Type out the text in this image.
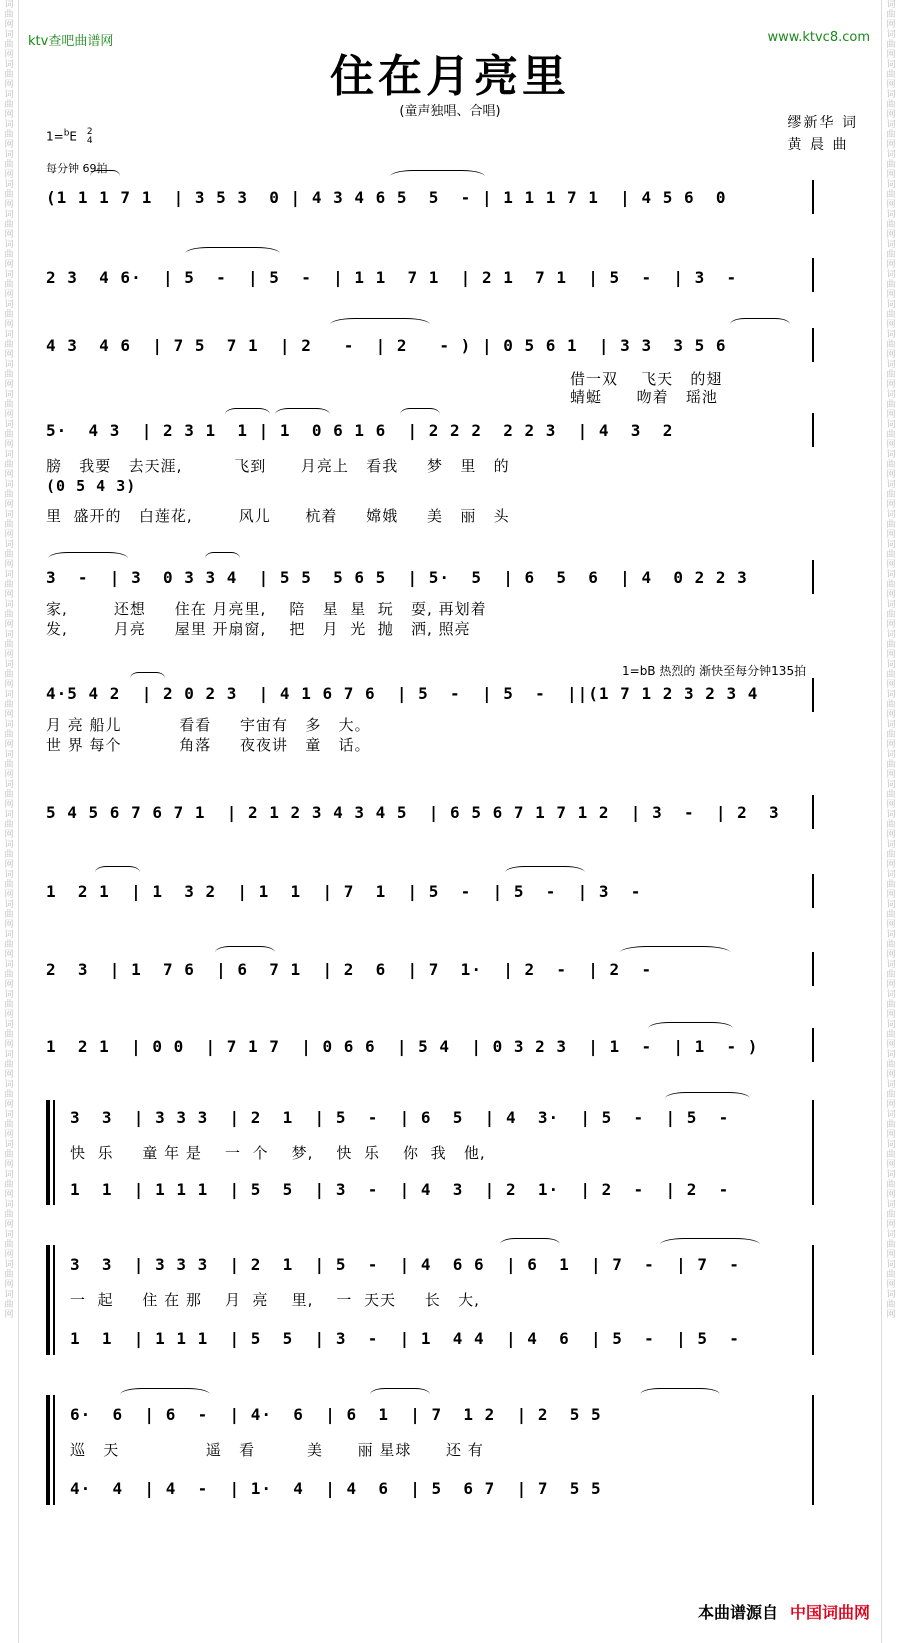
词曲网词曲网词曲网词曲网词曲网词曲网词曲网词曲网词曲网词曲网词曲网词曲网词曲网词曲网词曲网词曲网词曲网词曲网词曲网词曲网词曲网词曲网词曲网词曲网词曲网词曲网词曲网词曲网词曲网词曲网词曲网词曲网词曲网词曲网词曲网词曲网词曲网词曲网词曲网词曲网词曲网词曲网词曲网词曲网
词曲网词曲网词曲网词曲网词曲网词曲网词曲网词曲网词曲网词曲网词曲网词曲网词曲网词曲网词曲网词曲网词曲网词曲网词曲网词曲网词曲网词曲网词曲网词曲网词曲网词曲网词曲网词曲网词曲网词曲网词曲网词曲网词曲网词曲网词曲网词曲网词曲网词曲网词曲网词曲网词曲网词曲网词曲网词曲网
ktv查吧曲谱网	www.ktvc8.com
住在月亮里
(童声独唱、合唱)
缪新华 词
黄 晨 曲
1=$^b$E 2
4
每分钟 69拍
(1 1 1 7 1  | 3 5 3  0 | 4 3 4 6 5  5  - | 1 1 1 7 1  | 4 5 6  0
2 3  4 6·  | 5  -  | 5  -  | 1 1  7 1  | 2 1  7 1  | 5  -  | 3  -
4 3  4 6  | 7 5  7 1  | 2   -  | 2   - ) | 0 5 6 1  | 3 3  3 5 6
借一双    飞天   的翅
蜻蜓      吻着   瑶池
5·  4 3  | 2 3 1  1 | 1  0 6 1 6  | 2 2 2  2 2 3  | 4  3  2
膀   我要   去天涯,         飞到      月亮上   看我     梦   里   的
(0 5 4 3)
里  盛开的   白莲花,        风儿      杭着     嫦娥     美   丽   头
3  -  | 3  0 3 3 4  | 5 5  5 6 5  | 5·  5  | 6  5  6  | 4  0 2 2 3
家,        还想     住在 月亮里,    陪   星  星  玩   耍, 再划着
发,        月亮     屋里 开扇窗,    把   月  光  抛   洒, 照亮
1=bB 热烈的 渐快至每分钟135拍
4·5 4 2  | 2 0 2 3  | 4 1 6 7 6  | 5  -  | 5  -  ||(1 7 1 2 3 2 3 4
月 亮 船儿          看看     宇宙有   多   大。
世 界 每个          角落     夜夜讲   童   话。
5 4 5 6 7 6 7 1  | 2 1 2 3 4 3 4 5  | 6 5 6 7 1 7 1 2  | 3  -  | 2  3
1  2 1  | 1  3 2  | 1  1  | 7  1  | 5  -  | 5  -  | 3  -
2  3  | 1  7 6  | 6  7 1  | 2  6  | 7  1·  | 2  -  | 2  -
1  2 1  | 0 0  | 7 1 7  | 0 6 6  | 5 4  | 0 3 2 3  | 1  -  | 1  - )
3  3  | 3 3 3  | 2  1  | 5  -  | 6  5  | 4  3·  | 5  -  | 5  -
快  乐     童 年 是    一  个    梦,    快  乐    你  我   他,
1  1  | 1 1 1  | 5  5  | 3  -  | 4  3  | 2  1·  | 2  -  | 2  -
3  3  | 3 3 3  | 2  1  | 5  -  | 4  6 6  | 6  1  | 7  -  | 7  -
一  起     住 在 那    月  亮    里,    一  天天     长   大,
1  1  | 1 1 1  | 5  5  | 3  -  | 1  4 4  | 4  6  | 5  -  | 5  -
6·  6  | 6  -  | 4·  6  | 6  1  | 7  1 2  | 2  5 5
巡   天               遥   看         美      丽 星球      还 有
4·  4  | 4  -  | 1·  4  | 4  6  | 5  6 7  | 7  5 5
本曲谱源自 中国词曲网
